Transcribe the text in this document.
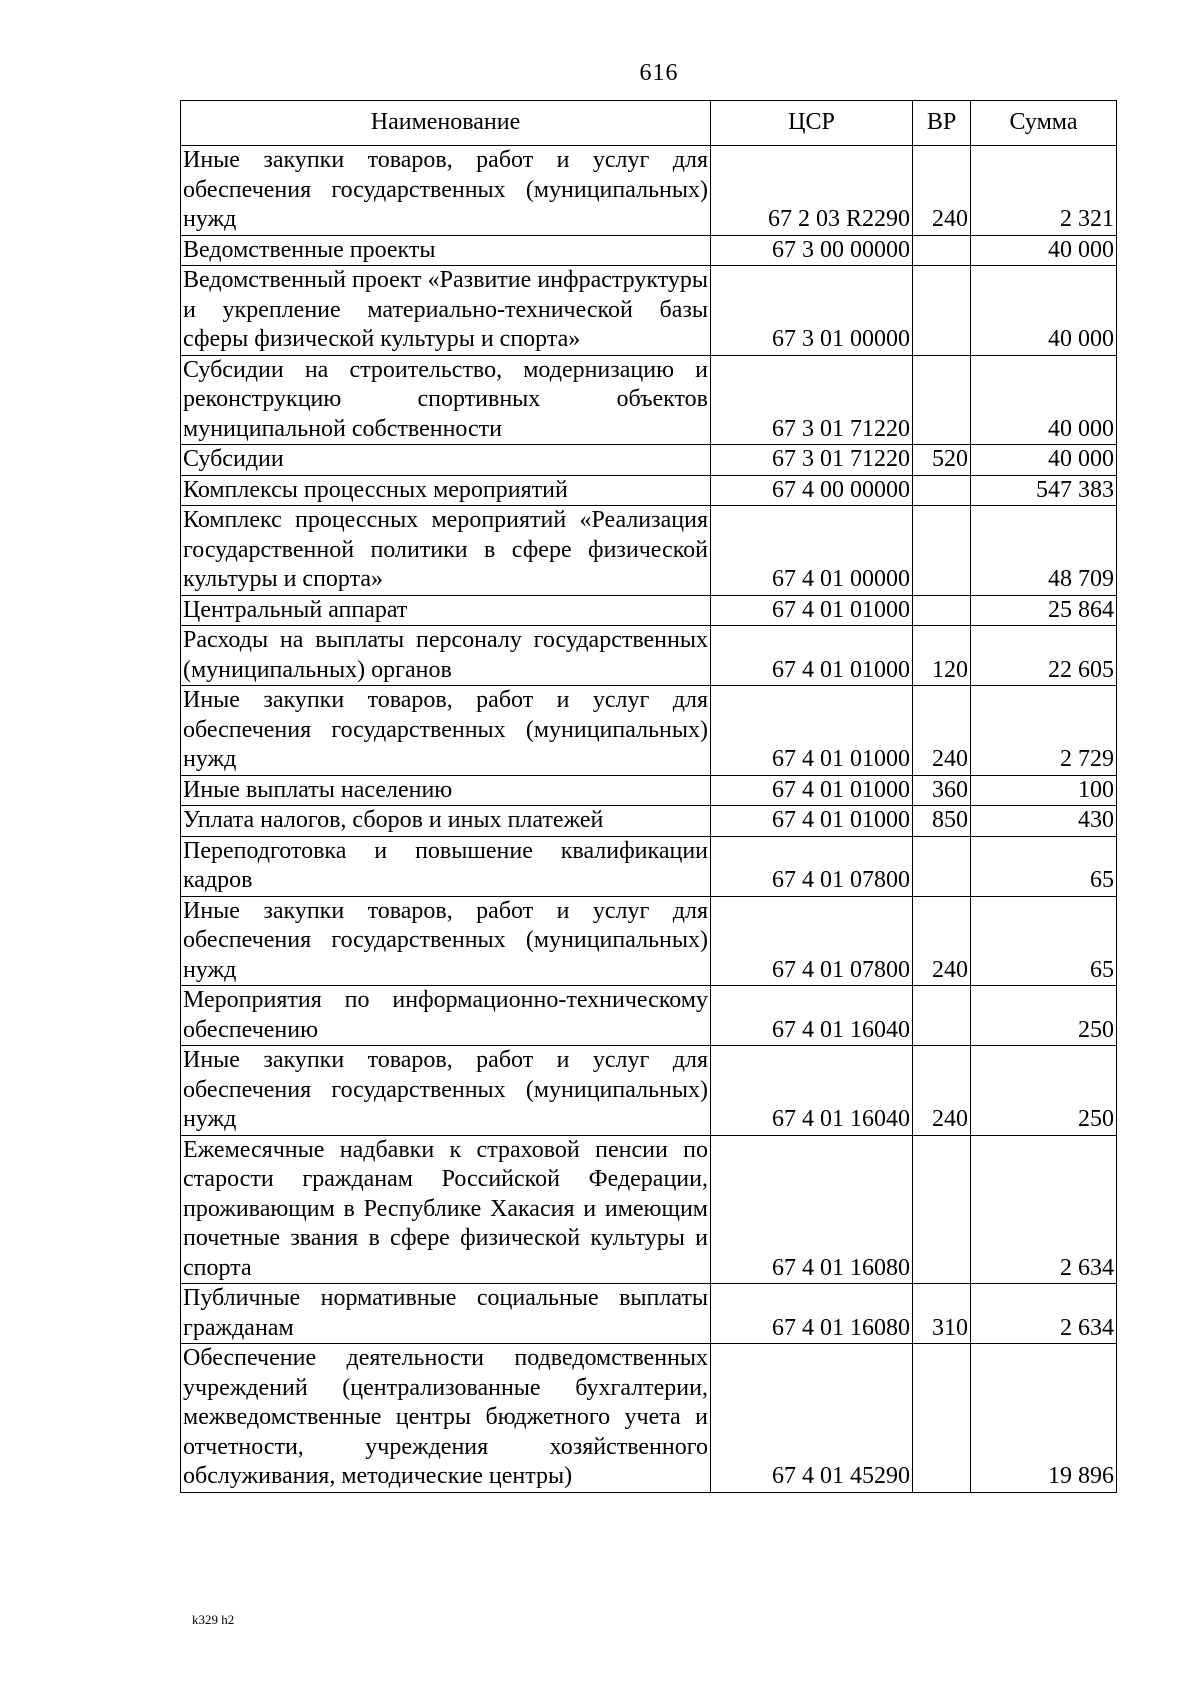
616
Наименование	ЦСР	ВР	Сумма
Иные закупки товаров, работ и услуг для обеспечения государственных (муниципальных) нужд	67 2 03 R2290	240	2 321
Ведомственные проекты	67 3 00 00000		40 000
Ведомственный проект «Развитие инфраструктуры и укрепление материально-технической базы сферы физической культуры и спорта»	67 3 01 00000		40 000
Субсидии на строительство, модернизацию и реконструкцию спортивных объектов муниципальной собственности	67 3 01 71220		40 000
Субсидии	67 3 01 71220	520	40 000
Комплексы процессных мероприятий	67 4 00 00000		547 383
Комплекс процессных мероприятий «Реализация государственной политики в сфере физической культуры и спорта»	67 4 01 00000		48 709
Центральный аппарат	67 4 01 01000		25 864
Расходы на выплаты персоналу государственных (муниципальных) органов	67 4 01 01000	120	22 605
Иные закупки товаров, работ и услуг для обеспечения государственных (муниципальных) нужд	67 4 01 01000	240	2 729
Иные выплаты населению	67 4 01 01000	360	100
Уплата налогов, сборов и иных платежей	67 4 01 01000	850	430
Переподготовка и повышение квалификации кадров	67 4 01 07800		65
Иные закупки товаров, работ и услуг для обеспечения государственных (муниципальных) нужд	67 4 01 07800	240	65
Мероприятия по информационно-техническому обеспечению	67 4 01 16040		250
Иные закупки товаров, работ и услуг для обеспечения государственных (муниципальных) нужд	67 4 01 16040	240	250
Ежемесячные надбавки к страховой пенсии по старости гражданам Российской Федерации, проживающим в Республике Хакасия и имеющим почетные звания в сфере физической культуры и спорта	67 4 01 16080		2 634
Публичные нормативные социальные выплаты гражданам	67 4 01 16080	310	2 634
Обеспечение деятельности подведомственных учреждений (централизованные бухгалтерии, межведомственные центры бюджетного учета и отчетности, учреждения хозяйственного обслуживания, методические центры)	67 4 01 45290		19 896
k329 h2
